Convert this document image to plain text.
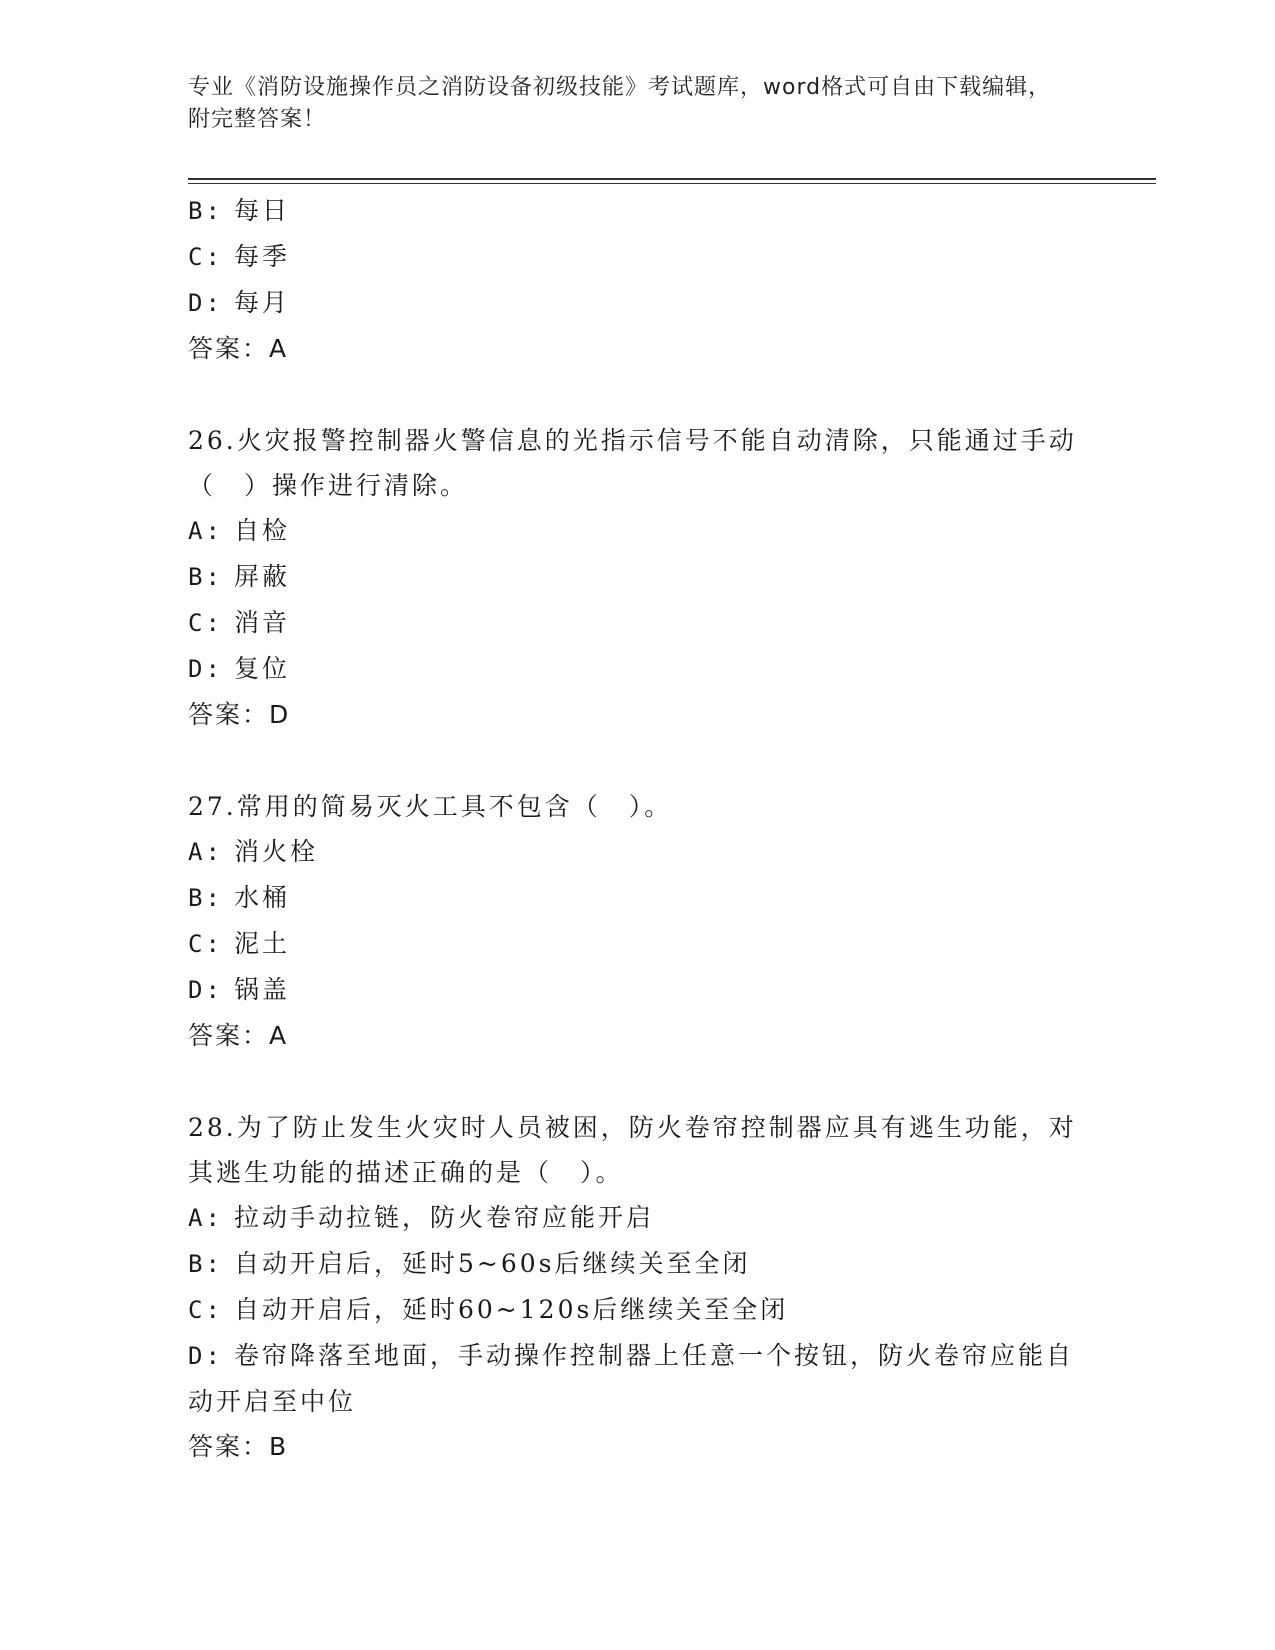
专业《消防设施操作员之消防设备初级技能》考试题库，word格式可自由下载编辑，附完整答案！
B: 每日
C: 每季
D: 每月
答案：A
26.火灾报警控制器火警信息的光指示信号不能自动清除，只能通过手动（　）操作进行清除。
A: 自检
B: 屏蔽
C: 消音
D: 复位
答案：D
27.常用的简易灭火工具不包含（　）。
A: 消火栓
B: 水桶
C: 泥土
D: 锅盖
答案：A
28.为了防止发生火灾时人员被困，防火卷帘控制器应具有逃生功能，对其逃生功能的描述正确的是（　）。
A: 拉动手动拉链，防火卷帘应能开启
B: 自动开启后，延时5~60s后继续关至全闭
C: 自动开启后，延时60~120s后继续关至全闭
D: 卷帘降落至地面，手动操作控制器上任意一个按钮，防火卷帘应能自动开启至中位
答案：B
